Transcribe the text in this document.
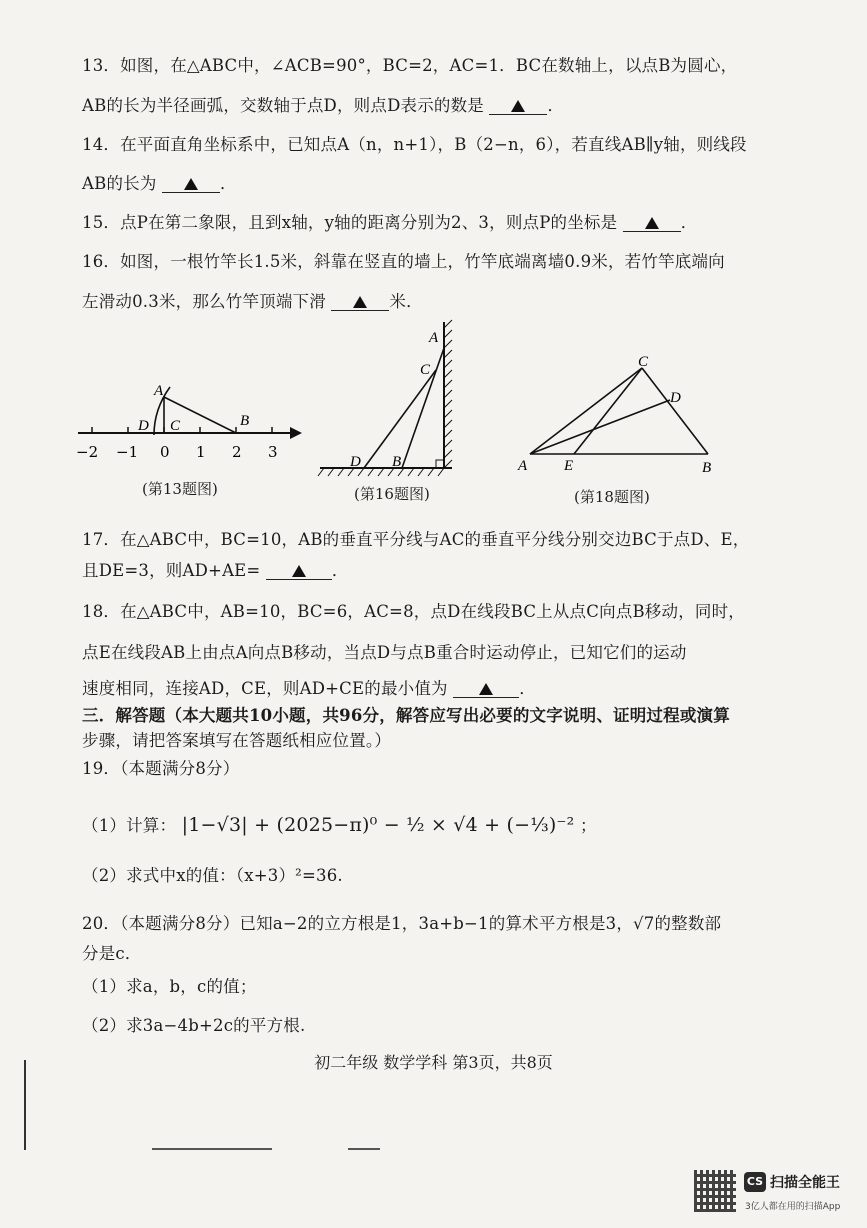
13．如图，在△ABC中，∠ACB=90°，BC=2，AC=1．BC在数轴上，以点B为圆心，
AB的长为半径画弧，交数轴于点D，则点D表示的数是	．
14．在平面直角坐标系中，已知点A（n，n+1），B（2−n，6），若直线AB∥y轴，则线段
AB的长为	．
15．点P在第二象限，且到x轴，y轴的距离分别为2、3，则点P的坐标是	．
16．如图，一根竹竿长1.5米，斜靠在竖直的墙上，竹竿底端离墙0.9米，若竹竿底端向
左滑动0.3米，那么竹竿顶端下滑	米．
A
D C	B
−2 −1 0 1 2 3
(第13题图)
A
C
D B
(第16题图)
C
D
A E	B
(第18题图)
17．在△ABC中，BC=10，AB的垂直平分线与AC的垂直平分线分别交边BC于点D、E，
且DE=3，则AD+AE=	．
18．在△ABC中，AB=10，BC=6，AC=8，点D在线段BC上从点C向点B移动，同时，
点E在线段AB上由点A向点B移动，当点D与点B重合时运动停止，已知它们的运动
速度相同，连接AD，CE，则AD+CE的最小值为	．
三．解答题（本大题共10小题，共96分，解答应写出必要的文字说明、证明过程或演算
步骤，请把答案填写在答题纸相应位置。）
19．（本题满分8分）
（1）计算： |1−√3| + (2025−π)⁰ − ½ × √4 + (−⅓)⁻² ；
（2）求式中x的值：（x+3）²=36.
20．（本题满分8分）已知a−2的立方根是1，3a+b−1的算术平方根是3，√7的整数部
分是c．
（1）求a，b，c的值；
（2）求3a−4b+2c的平方根.
初二年级 数学学科 第3页，共8页
CS 扫描全能王
3亿人都在用的扫描App
